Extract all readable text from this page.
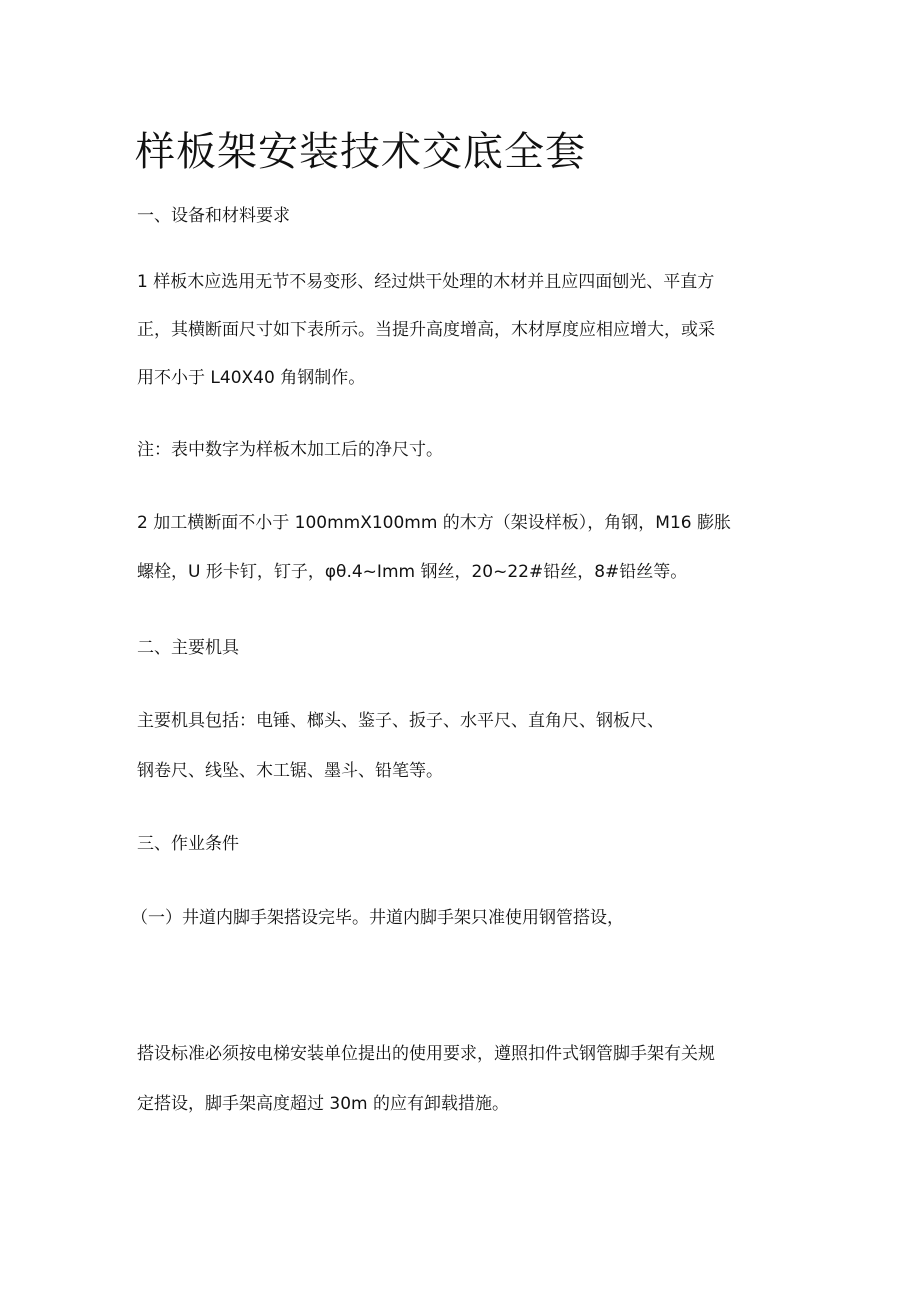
样板架安装技术交底全套
一、设备和材料要求
1 样板木应选用无节不易变形、经过烘干处理的木材并且应四面刨光、平直方
正，其横断面尺寸如下表所示。当提升高度增高，木材厚度应相应增大，或采
用不小于 L40X40 角钢制作。
注：表中数字为样板木加工后的净尺寸。
2 加工横断面不小于 100mmX100mm 的木方（架设样板），角钢，M16 膨胀
螺栓，U 形卡钉，钉子，φθ.4~Imm 钢丝，20~22#铅丝，8#铅丝等。
二、主要机具
主要机具包括：电锤、榔头、鉴子、扳子、水平尺、直角尺、钢板尺、
钢卷尺、线坠、木工锯、墨斗、铅笔等。
三、作业条件
（一）井道内脚手架搭设完毕。井道内脚手架只准使用钢管搭设，
搭设标准必须按电梯安装单位提出的使用要求，遵照扣件式钢管脚手架有关规
定搭设，脚手架高度超过 30m 的应有卸载措施。
